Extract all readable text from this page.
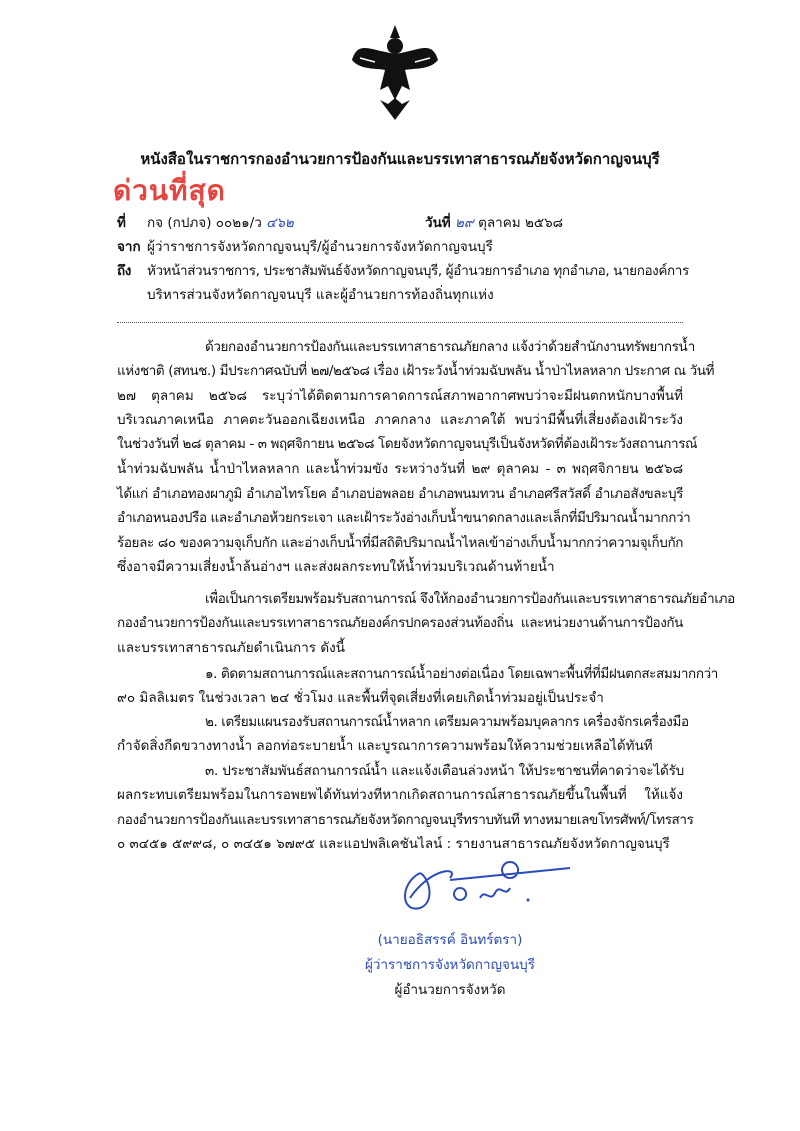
หนังสือในราชการกองอำนวยการป้องกันและบรรเทาสาธารณภัยจังหวัดกาญจนบุรี
ด่วนที่สุด
ที่ กจ (กปภจ) ๐๐๒๑/ว ๔๖๒	วันที่ ๒๙ ตุลาคม ๒๕๖๘
จาก ผู้ว่าราชการจังหวัดกาญจนบุรี/ผู้อำนวยการจังหวัดกาญจนบุรี
ถึง หัวหน้าส่วนราชการ, ประชาสัมพันธ์จังหวัดกาญจนบุรี, ผู้อำนวยการอำเภอ ทุกอำเภอ, นายกองค์การ
บริหารส่วนจังหวัดกาญจนบุรี และผู้อำนวยการท้องถิ่นทุกแห่ง
ด้วยกองอำนวยการป้องกันและบรรเทาสาธารณภัยกลาง แจ้งว่าด้วยสำนักงานทรัพยากรน้ำ
แห่งชาติ (สทนช.) มีประกาศฉบับที่ ๒๗/๒๕๖๘ เรื่อง เฝ้าระวังน้ำท่วมฉับพลัน น้ำป่าไหลหลาก ประกาศ ณ วันที่
๒๗ ตุลาคม ๒๕๖๘ ระบุว่าได้ติดตามการคาดการณ์สภาพอากาศพบว่าจะมีฝนตกหนักบางพื้นที่
บริเวณภาคเหนือ ภาคตะวันออกเฉียงเหนือ ภาคกลาง และภาคใต้ พบว่ามีพื้นที่เสี่ยงต้องเฝ้าระวัง
ในช่วงวันที่ ๒๘ ตุลาคม - ๓ พฤศจิกายน ๒๕๖๘ โดยจังหวัดกาญจนบุรีเป็นจังหวัดที่ต้องเฝ้าระวังสถานการณ์
น้ำท่วมฉับพลัน น้ำป่าไหลหลาก และน้ำท่วมขัง ระหว่างวันที่ ๒๙ ตุลาคม - ๓ พฤศจิกายน ๒๕๖๘
ได้แก่ อำเภอทองผาภูมิ อำเภอไทรโยค อำเภอบ่อพลอย อำเภอพนมทวน อำเภอศรีสวัสดิ์ อำเภอสังขละบุรี
อำเภอหนองปรือ และอำเภอห้วยกระเจา และเฝ้าระวังอ่างเก็บน้ำขนาดกลางและเล็กที่มีปริมาณน้ำมากกว่า
ร้อยละ ๘๐ ของความจุเก็บกัก และอ่างเก็บน้ำที่มีสถิติปริมาณน้ำไหลเข้าอ่างเก็บน้ำมากกว่าความจุเก็บกัก
ซึ่งอาจมีความเสี่ยงน้ำล้นอ่างฯ และส่งผลกระทบให้น้ำท่วมบริเวณด้านท้ายน้ำ
เพื่อเป็นการเตรียมพร้อมรับสถานการณ์ จึงให้กองอำนวยการป้องกันและบรรเทาสาธารณภัยอำเภอ
กองอำนวยการป้องกันและบรรเทาสาธารณภัยองค์กรปกครองส่วนท้องถิ่น และหน่วยงานด้านการป้องกัน
และบรรเทาสาธารณภัยดำเนินการ ดังนี้
๑. ติดตามสถานการณ์และสถานการณ์น้ำอย่างต่อเนื่อง โดยเฉพาะพื้นที่ที่มีฝนตกสะสมมากกว่า
๙๐ มิลลิเมตร ในช่วงเวลา ๒๔ ชั่วโมง และพื้นที่จุดเสี่ยงที่เคยเกิดน้ำท่วมอยู่เป็นประจำ
๒. เตรียมแผนรองรับสถานการณ์น้ำหลาก เตรียมความพร้อมบุคลากร เครื่องจักรเครื่องมือ
กำจัดสิ่งกีดขวางทางน้ำ ลอกท่อระบายน้ำ และบูรณาการความพร้อมให้ความช่วยเหลือได้ทันที
๓. ประชาสัมพันธ์สถานการณ์น้ำ และแจ้งเตือนล่วงหน้า ให้ประชาชนที่คาดว่าจะได้รับ
ผลกระทบเตรียมพร้อมในการอพยพได้ทันท่วงทีหากเกิดสถานการณ์สาธารณภัยขึ้นในพื้นที่ ให้แจ้ง
กองอำนวยการป้องกันและบรรเทาสาธารณภัยจังหวัดกาญจนบุรีทราบทันที ทางหมายเลขโทรศัพท์/โทรสาร
๐ ๓๔๕๑ ๕๙๙๘, ๐ ๓๔๕๑ ๖๗๙๕ และแอปพลิเคชันไลน์ : รายงานสาธารณภัยจังหวัดกาญจนบุรี
(นายอธิสรรค์ อินทร์ตรา)
ผู้ว่าราชการจังหวัดกาญจนบุรี
ผู้อำนวยการจังหวัด
